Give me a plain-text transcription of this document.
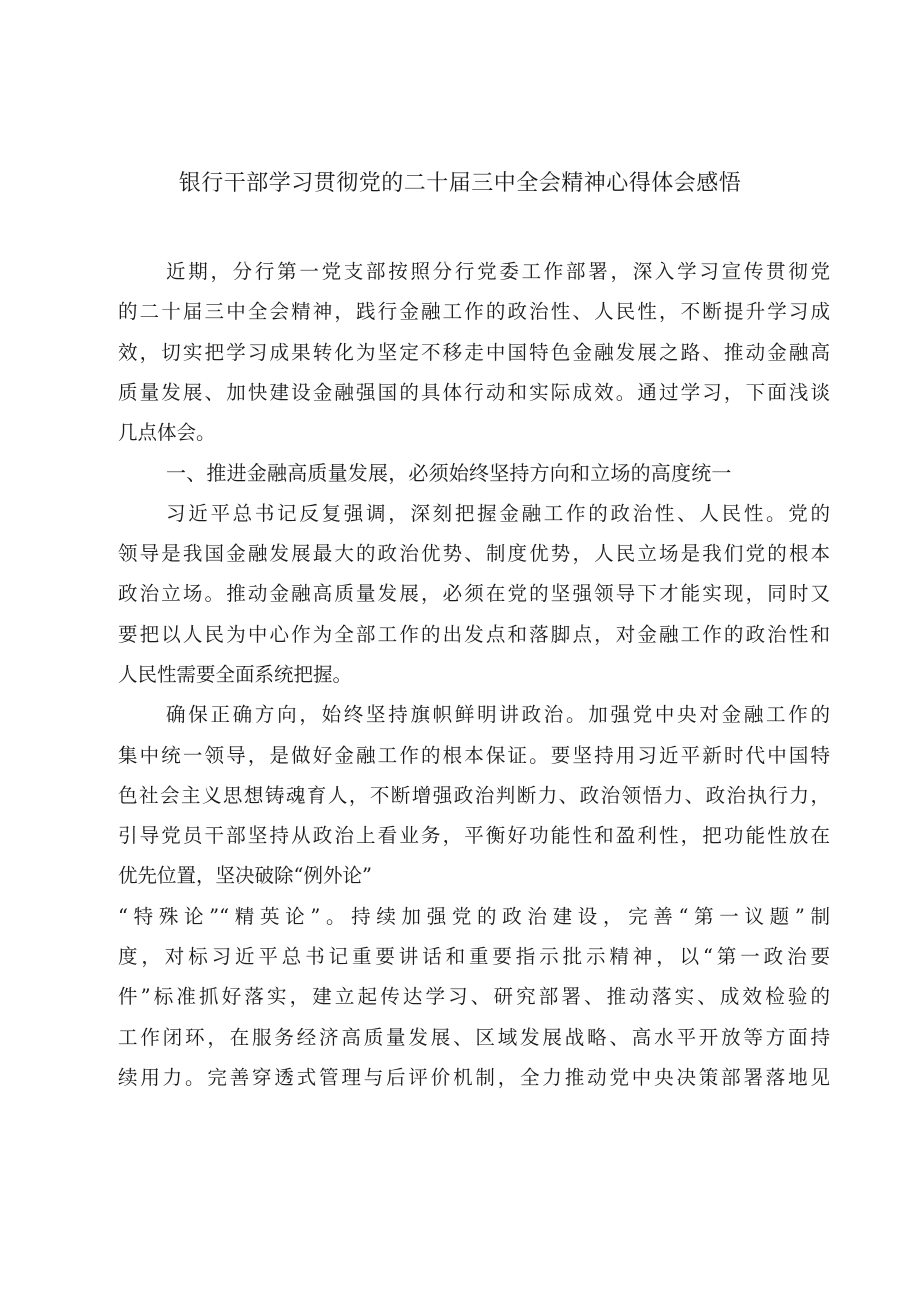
银行干部学习贯彻党的二十届三中全会精神心得体会感悟
近期，分行第一党支部按照分行党委工作部署，深入学习宣传贯彻党
的二十届三中全会精神，践行金融工作的政治性、人民性，不断提升学习成
效，切实把学习成果转化为坚定不移走中国特色金融发展之路、推动金融高
质量发展、加快建设金融强国的具体行动和实际成效。通过学习，下面浅谈
几点体会。
一、推进金融高质量发展，必须始终坚持方向和立场的高度统一
习近平总书记反复强调，深刻把握金融工作的政治性、人民性。党的
领导是我国金融发展最大的政治优势、制度优势，人民立场是我们党的根本
政治立场。推动金融高质量发展，必须在党的坚强领导下才能实现，同时又
要把以人民为中心作为全部工作的出发点和落脚点，对金融工作的政治性和
人民性需要全面系统把握。
确保正确方向，始终坚持旗帜鲜明讲政治。加强党中央对金融工作的
集中统一领导，是做好金融工作的根本保证。要坚持用习近平新时代中国特
色社会主义思想铸魂育人，不断增强政治判断力、政治领悟力、政治执行力，
引导党员干部坚持从政治上看业务，平衡好功能性和盈利性，把功能性放在
优先位置，坚决破除“例外论”
“特殊论”“精英论”。持续加强党的政治建设，完善“第一议题”制
度，对标习近平总书记重要讲话和重要指示批示精神，以“第一政治要
件”标准抓好落实，建立起传达学习、研究部署、推动落实、成效检验的
工作闭环，在服务经济高质量发展、区域发展战略、高水平开放等方面持
续用力。完善穿透式管理与后评价机制，全力推动党中央决策部署落地见
